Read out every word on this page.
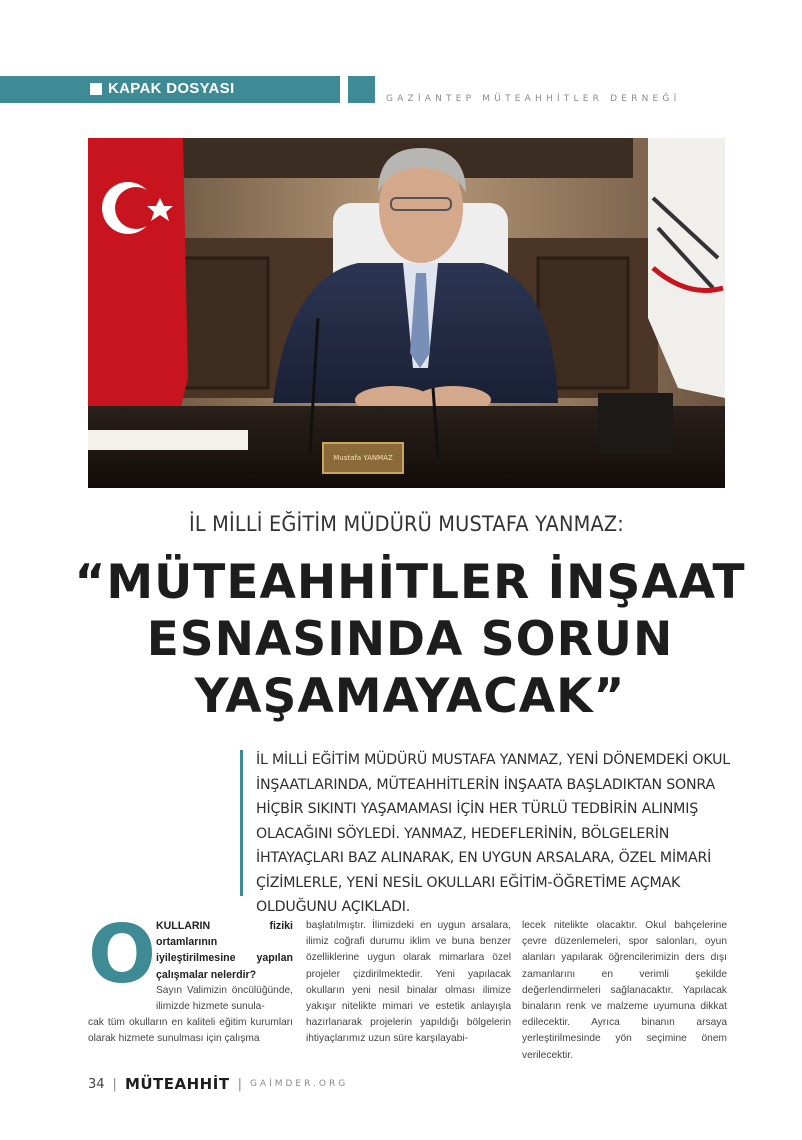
KAPAK DOSYASI
GAZİANTEP MÜTEAHHİTLER DERNEĞİ
Mustafa YANMAZ
İL MİLLİ EĞİTİM MÜDÜRÜ MUSTAFA YANMAZ:
“MÜTEAHHİTLER İNŞAAT
ESNASINDA SORUN
YAŞAMAYACAK”
İL MİLLİ EĞİTİM MÜDÜRÜ MUSTAFA YANMAZ, YENİ DÖNEMDEKİ OKUL İNŞAATLARINDA, MÜTEAHHİTLERİN İNŞAATA BAŞLADIKTAN SONRA HİÇBİR SIKINTI YAŞAMAMASI İÇİN HER TÜRLÜ TEDBİRİN ALINMIŞ OLACAĞINI SÖYLEDİ. YANMAZ, HEDEFLERİNİN, BÖLGELERİN İHTAYAÇLARI BAZ ALINARAK, EN UYGUN ARSALARA, ÖZEL MİMARİ ÇİZİMLERLE, YENİ NESİL OKULLARI EĞİTİM-ÖĞRETİME AÇMAK OLDUĞUNU AÇIKLADI.
O KULLARIN fiziki ortamlarının iyileştirilmesine yapılan çalışmalar nelerdir?
Sayın Valimizin öncülüğünde, ilimizde hizmete sunula-
cak tüm okulların en kaliteli eğitim kurumları olarak hizmete sunulması için çalışma
başlatılmıştır. İlimizdeki en uygun arsalara, ilimiz coğrafi durumu iklim ve buna benzer özelliklerine uygun olarak mimarlara özel projeler çizdirilmektedir. Yeni yapılacak okulların yeni nesil binalar olması ilimize yakışır nitelikte mimari ve estetik anlayışla hazırlanarak projelerin yapıldığı bölgelerin ihtiyaçlarımız uzun süre karşılayabi-
lecek nitelikte olacaktır. Okul bahçelerine çevre düzenlemeleri, spor salonları, oyun alanları yapılarak öğrencilerimizin ders dışı zamanlarını en verimli şekilde değerlendirmeleri sağlanacaktır. Yapılacak binaların renk ve malzeme uyumuna dikkat edilecektir. Ayrıca binanın arsaya yerleştirilmesinde yön seçimine önem verilecektir.
34 | MÜTEAHHİT | GAİMDER.ORG
